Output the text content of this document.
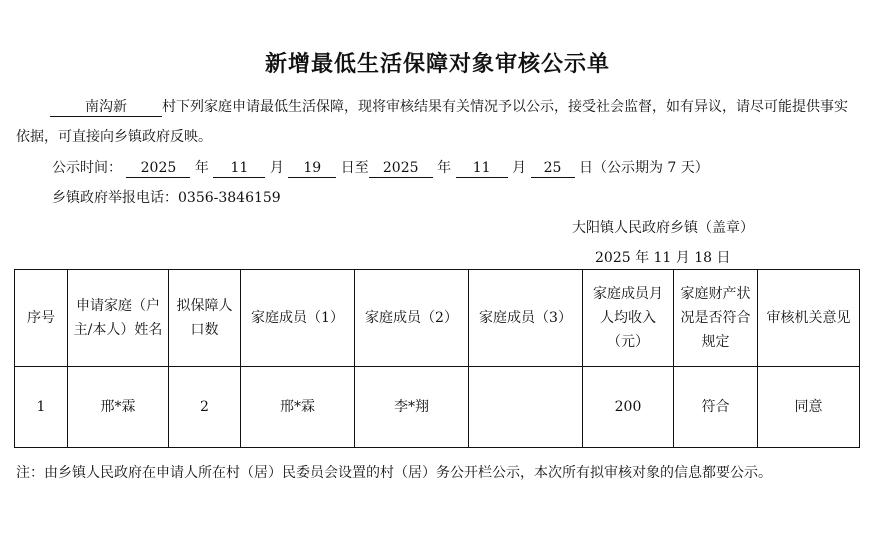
新增最低生活保障对象审核公示单
南沟新	村下列家庭申请最低生活保障，现将审核结果有关情况予以公示，接受社会监督，如有异议，请尽可能提供事实依据，可直接向乡镇政府反映。
公示时间： 2025 年 11 月 19 日至 2025 年 11 月 25 日（公示期为 7 天）
乡镇政府举报电话：0356-3846159
大阳镇人民政府乡镇（盖章）
2025 年 11 月 18 日
序号	申请家庭（户主/本人）姓名	拟保障人口数	家庭成员（1）	家庭成员（2）	家庭成员（3）	家庭成员月人均收入（元）	家庭财产状况是否符合规定	审核机关意见
1	邢*霖	2	邢*霖	李*翔		200	符合	同意
注：由乡镇人民政府在申请人所在村（居）民委员会设置的村（居）务公开栏公示，本次所有拟审核对象的信息都要公示。
